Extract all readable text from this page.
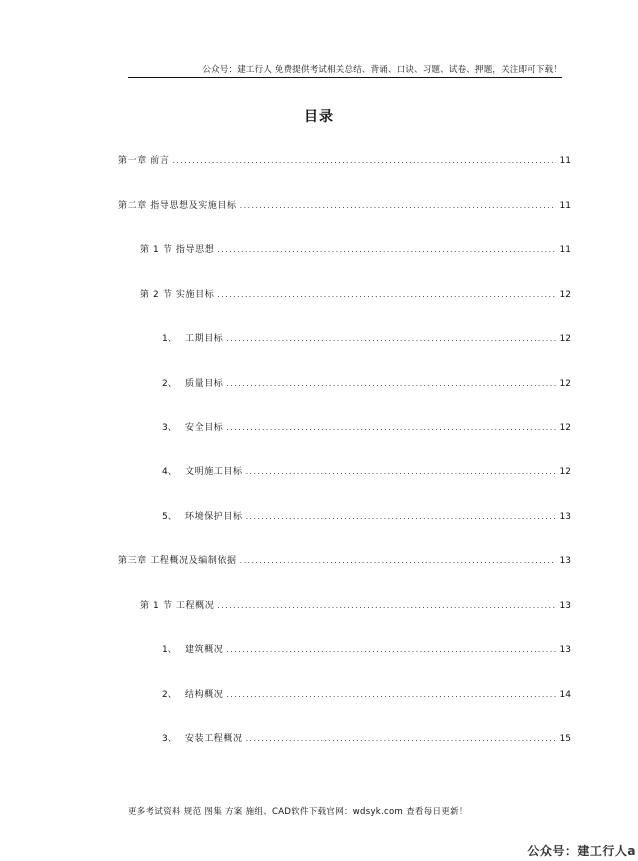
公众号：建工行人 免费提供考试相关总结、背诵、口诀、习题、试卷、押题，关注即可下载！
目录
第一章 前言 .....	11
第二章 指导思想及实施目标 .....	11
第 1 节 指导思想 .....	11
第 2 节 实施目标 .....	12
1、 工期目标 .....	12
2、 质量目标 .....	12
3、 安全目标 .....	12
4、 文明施工目标 .....	12
5、 环境保护目标 .....	13
第三章 工程概况及编制依据 .....	13
第 1 节 工程概况 .....	13
1、 建筑概况 .....	13
2、 结构概况 .....	14
3、 安装工程概况 .....	15
更多考试资料 规范 图集 方案 施组、CAD软件下载官网：wdsyk.com 查看每日更新！
公众号：建工行人a
